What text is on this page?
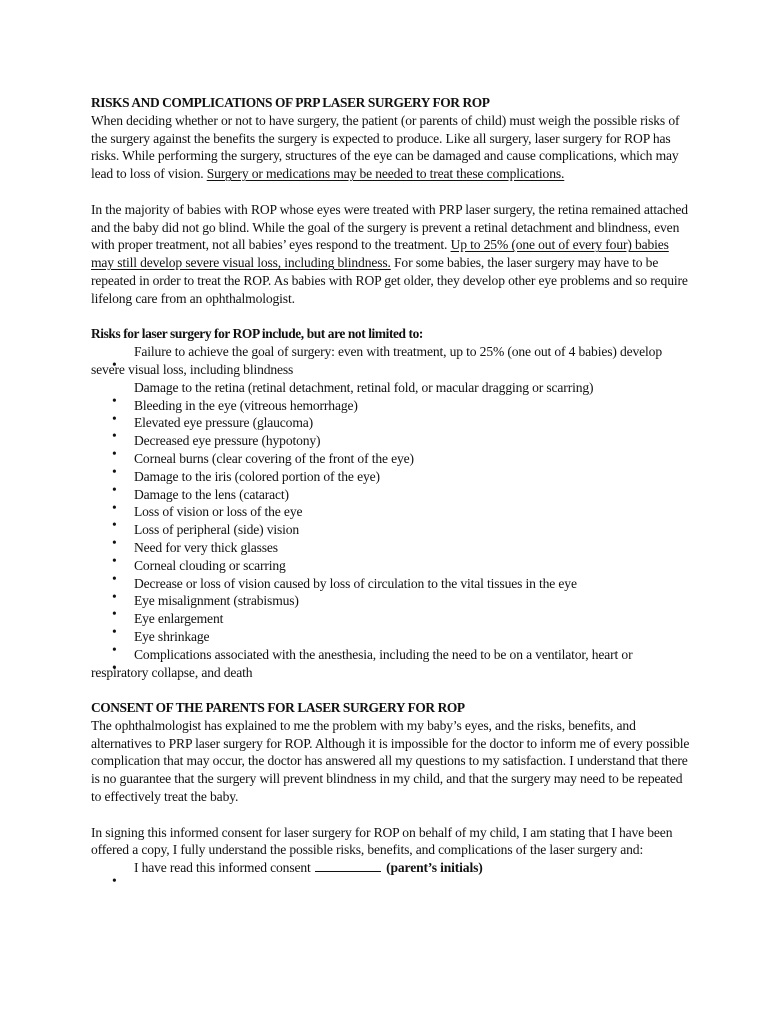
RISKS AND COMPLICATIONS OF PRP LASER SURGERY FOR ROP

When deciding whether or not to have surgery, the patient (or parents of child) must weigh the possible risks of the surgery against the benefits the surgery is expected to produce. Like all surgery, laser surgery for ROP has risks. While performing the surgery, structures of the eye can be damaged and cause complications, which may lead to loss of vision. Surgery or medications may be needed to treat these complications.

In the majority of babies with ROP whose eyes were treated with PRP laser surgery, the retina remained attached and the baby did not go blind. While the goal of the surgery is prevent a retinal detachment and blindness, even with proper treatment, not all babies’ eyes respond to the treatment. Up to 25% (one out of every four) babies may still develop severe visual loss, including blindness. For some babies, the laser surgery may have to be repeated in order to treat the ROP. As babies with ROP get older, they develop other eye problems and so require lifelong care from an ophthalmologist.

Risks for laser surgery for ROP include, but are not limited to:
Failure to achieve the goal of surgery: even with treatment, up to 25% (one out of 4 babies) develop severe visual loss, including blindness
Damage to the retina (retinal detachment, retinal fold, or macular dragging or scarring)
Bleeding in the eye (vitreous hemorrhage)
Elevated eye pressure (glaucoma)
Decreased eye pressure (hypotony)
Corneal burns (clear covering of the front of the eye)
Damage to the iris (colored portion of the eye)
Damage to the lens (cataract)
Loss of vision or loss of the eye
Loss of peripheral (side) vision
Need for very thick glasses
Corneal clouding or scarring
Decrease or loss of vision caused by loss of circulation to the vital tissues in the eye
Eye misalignment (strabismus)
Eye enlargement
Eye shrinkage
Complications associated with the anesthesia, including the need to be on a ventilator, heart or respiratory collapse, and death
CONSENT OF THE PARENTS FOR LASER SURGERY FOR ROP

The ophthalmologist has explained to me the problem with my baby’s eyes, and the risks, benefits, and alternatives to PRP laser surgery for ROP. Although it is impossible for the doctor to inform me of every possible complication that may occur, the doctor has answered all my questions to my satisfaction. I understand that there is no guarantee that the surgery will prevent blindness in my child, and that the surgery may need to be repeated to effectively treat the baby.

In signing this informed consent for laser surgery for ROP on behalf of my child, I am stating that I have been offered a copy, I fully understand the possible risks, benefits, and complications of the laser surgery and:

I have read this informed consent	(parent’s initials)
